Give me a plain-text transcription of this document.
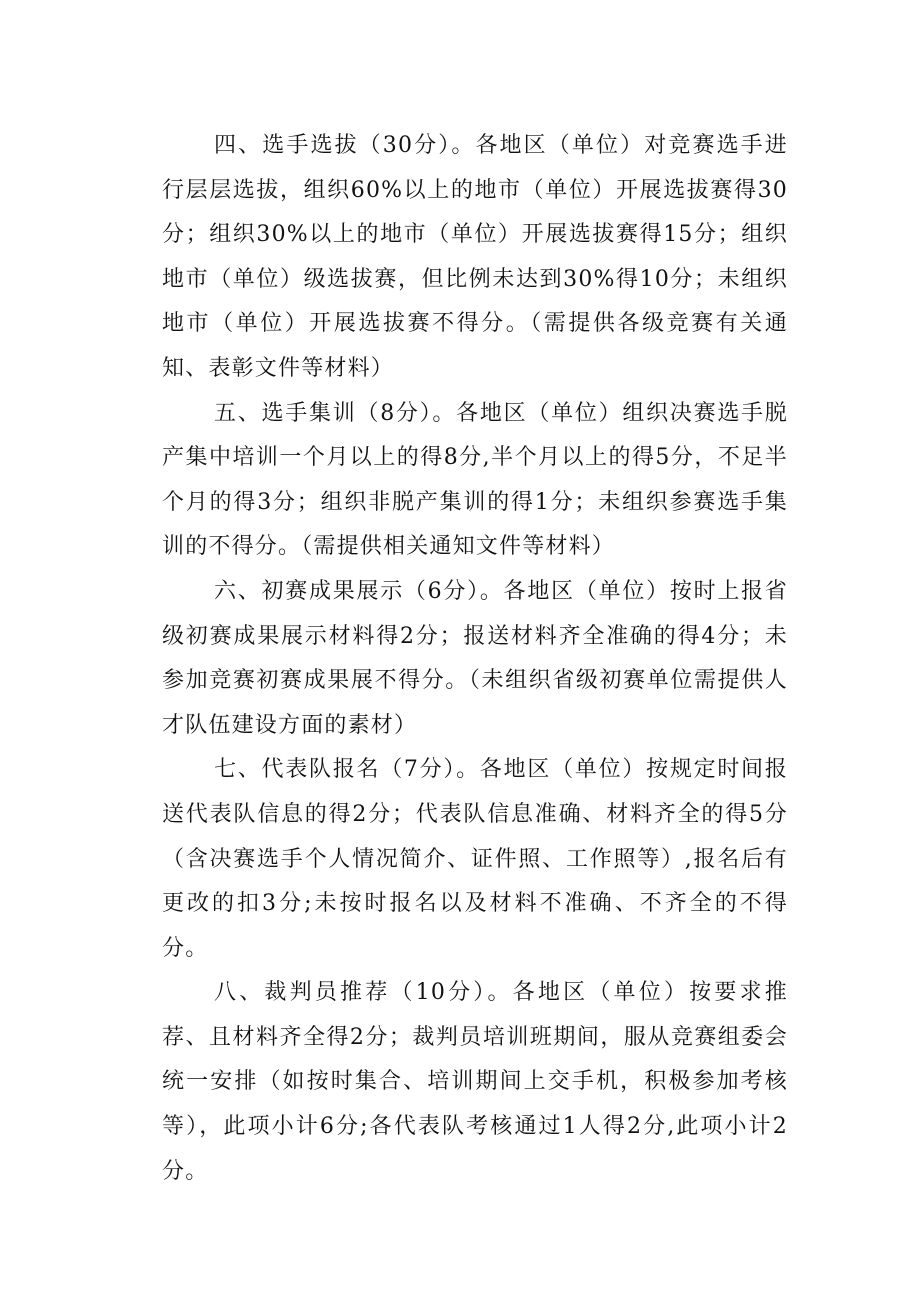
四、选手选拔（30分）。各地区（单位）对竞赛选手进行层层选拔，组织60%以上的地市（单位）开展选拔赛得30分；组织30%以上的地市（单位）开展选拔赛得15分；组织地市（单位）级选拔赛，但比例未达到30%得10分；未组织地市（单位）开展选拔赛不得分。（需提供各级竞赛有关通知、表彰文件等材料）

五、选手集训（8分）。各地区（单位）组织决赛选手脱产集中培训一个月以上的得8分,半个月以上的得5分，不足半个月的得3分；组织非脱产集训的得1分；未组织参赛选手集训的不得分。（需提供相关通知文件等材料）

六、初赛成果展示（6分）。各地区（单位）按时上报省级初赛成果展示材料得2分；报送材料齐全准确的得4分；未参加竞赛初赛成果展不得分。（未组织省级初赛单位需提供人才队伍建设方面的素材）

七、代表队报名（7分）。各地区（单位）按规定时间报送代表队信息的得2分；代表队信息准确、材料齐全的得5分（含决赛选手个人情况简介、证件照、工作照等）,报名后有更改的扣3分;未按时报名以及材料不准确、不齐全的不得分。

八、裁判员推荐（10分）。各地区（单位）按要求推荐、且材料齐全得2分；裁判员培训班期间，服从竞赛组委会统一安排（如按时集合、培训期间上交手机，积极参加考核等），此项小计6分;各代表队考核通过1人得2分,此项小计2分。
